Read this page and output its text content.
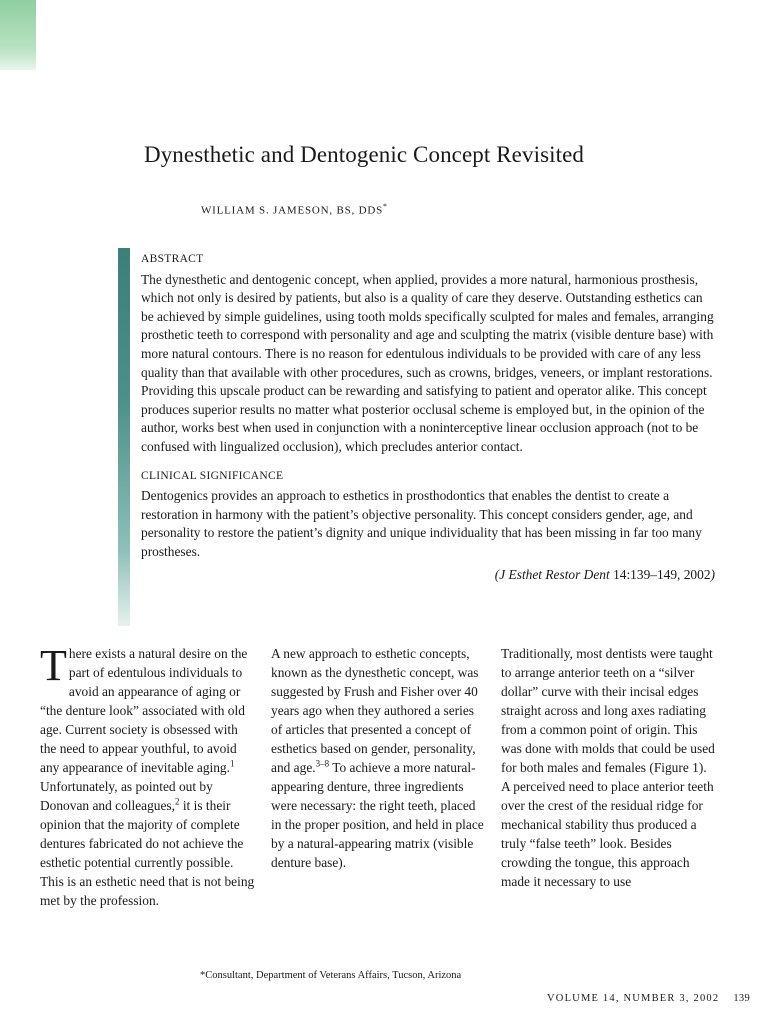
Dynesthetic and Dentogenic Concept Revisited
WILLIAM S. JAMESON, BS, DDS*
ABSTRACT

The dynesthetic and dentogenic concept, when applied, provides a more natural, harmonious prosthesis, which not only is desired by patients, but also is a quality of care they deserve. Outstanding esthetics can be achieved by simple guidelines, using tooth molds specifically sculpted for males and females, arranging prosthetic teeth to correspond with personality and age and sculpting the matrix (visible denture base) with more natural contours. There is no reason for edentulous individuals to be provided with care of any less quality than that available with other procedures, such as crowns, bridges, veneers, or implant restorations. Providing this upscale product can be rewarding and satisfying to patient and operator alike. This concept produces superior results no matter what posterior occlusal scheme is employed but, in the opinion of the author, works best when used in conjunction with a noninterceptive linear occlusion approach (not to be confused with lingualized occlusion), which precludes anterior contact.

CLINICAL SIGNIFICANCE

Dentogenics provides an approach to esthetics in prosthodontics that enables the dentist to create a restoration in harmony with the patient’s objective personality. This concept considers gender, age, and personality to restore the patient’s dignity and unique individuality that has been missing in far too many prostheses.

(J Esthet Restor Dent 14:139–149, 2002)

There exists a natural desire on the part of edentulous individuals to avoid an appearance of aging or “the denture look” associated with old age. Current society is obsessed with the need to appear youthful, to avoid any appearance of inevitable aging.$^1$ Unfortunately, as pointed out by Donovan and colleagues,$^2$ it is their opinion that the majority of complete dentures fabricated do not achieve the esthetic potential currently possible. This is an esthetic need that is not being met by the profession.

A new approach to esthetic concepts, known as the dynesthetic concept, was suggested by Frush and Fisher over 40 years ago when they authored a series of articles that presented a concept of esthetics based on gender, personality, and age.$^{3-8}$ To achieve a more natural-appearing denture, three ingredients were necessary: the right teeth, placed in the proper position, and held in place by a natural-appearing matrix (visible denture base).

Traditionally, most dentists were taught to arrange anterior teeth on a “silver dollar” curve with their incisal edges straight across and long axes radiating from a common point of origin. This was done with molds that could be used for both males and females (Figure 1). A perceived need to place anterior teeth over the crest of the residual ridge for mechanical stability thus produced a truly “false teeth” look. Besides crowding the tongue, this approach made it necessary to use

*Consultant, Department of Veterans Affairs, Tucson, Arizona
VOLUME 14, NUMBER 3, 2002 139
